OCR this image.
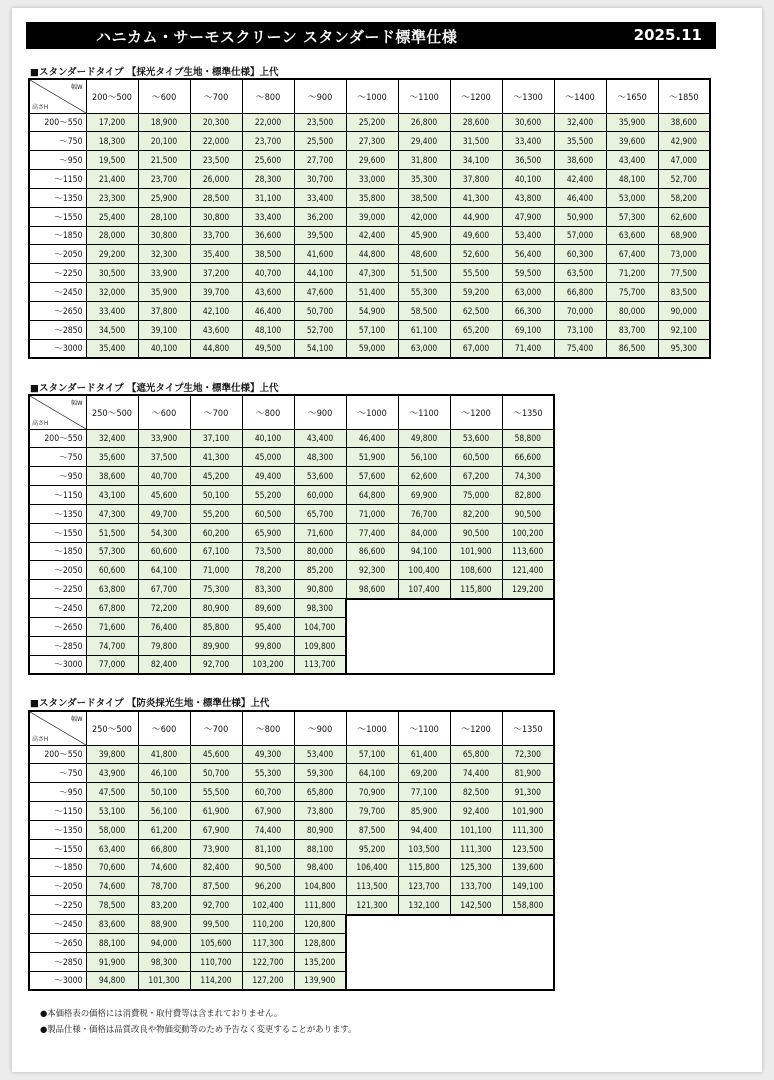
ハニカム・サーモスクリーン スタンダード標準仕様	2025.11
■スタンダードタイプ 【採光タイプ生地・標準仕様】上代
幅W
高さH	200～500	～600	～700	～800	～900	～1000	～1100	～1200	～1300	～1400	～1650	～1850
200～550	17,200	18,900	20,300	22,000	23,500	25,200	26,800	28,600	30,600	32,400	35,900	38,600
～750	18,300	20,100	22,000	23,700	25,500	27,300	29,400	31,500	33,400	35,500	39,600	42,900
～950	19,500	21,500	23,500	25,600	27,700	29,600	31,800	34,100	36,500	38,600	43,400	47,000
～1150	21,400	23,700	26,000	28,300	30,700	33,000	35,300	37,800	40,100	42,400	48,100	52,700
～1350	23,300	25,900	28,500	31,100	33,400	35,800	38,500	41,300	43,800	46,400	53,000	58,200
～1550	25,400	28,100	30,800	33,400	36,200	39,000	42,000	44,900	47,900	50,900	57,300	62,600
～1850	28,000	30,800	33,700	36,600	39,500	42,400	45,900	49,600	53,400	57,000	63,600	68,900
～2050	29,200	32,300	35,400	38,500	41,600	44,800	48,600	52,600	56,400	60,300	67,400	73,000
～2250	30,500	33,900	37,200	40,700	44,100	47,300	51,500	55,500	59,500	63,500	71,200	77,500
～2450	32,000	35,900	39,700	43,600	47,600	51,400	55,300	59,200	63,000	66,800	75,700	83,500
～2650	33,400	37,800	42,100	46,400	50,700	54,900	58,500	62,500	66,300	70,000	80,000	90,000
～2850	34,500	39,100	43,600	48,100	52,700	57,100	61,100	65,200	69,100	73,100	83,700	92,100
～3000	35,400	40,100	44,800	49,500	54,100	59,000	63,000	67,000	71,400	75,400	86,500	95,300
■スタンダードタイプ 【遮光タイプ生地・標準仕様】上代
幅W
高さH	250～500	～600	～700	～800	～900	～1000	～1100	～1200	～1350
200～550	32,400	33,900	37,100	40,100	43,400	46,400	49,800	53,600	58,800
～750	35,600	37,500	41,300	45,000	48,300	51,900	56,100	60,500	66,600
～950	38,600	40,700	45,200	49,400	53,600	57,600	62,600	67,200	74,300
～1150	43,100	45,600	50,100	55,200	60,000	64,800	69,900	75,000	82,800
～1350	47,300	49,700	55,200	60,500	65,700	71,000	76,700	82,200	90,500
～1550	51,500	54,300	60,200	65,900	71,600	77,400	84,000	90,500	100,200
～1850	57,300	60,600	67,100	73,500	80,000	86,600	94,100	101,900	113,600
～2050	60,600	64,100	71,000	78,200	85,200	92,300	100,400	108,600	121,400
～2250	63,800	67,700	75,300	83,300	90,800	98,600	107,400	115,800	129,200
～2450	67,800	72,200	80,900	89,600	98,300				
～2650	71,600	76,400	85,800	95,400	104,700				
～2850	74,700	79,800	89,900	99,800	109,800				
～3000	77,000	82,400	92,700	103,200	113,700				
■スタンダードタイプ 【防炎採光生地・標準仕様】上代
幅W
高さH	250～500	～600	～700	～800	～900	～1000	～1100	～1200	～1350
200～550	39,800	41,800	45,600	49,300	53,400	57,100	61,400	65,800	72,300
～750	43,900	46,100	50,700	55,300	59,300	64,100	69,200	74,400	81,900
～950	47,500	50,100	55,500	60,700	65,800	70,900	77,100	82,500	91,300
～1150	53,100	56,100	61,900	67,900	73,800	79,700	85,900	92,400	101,900
～1350	58,000	61,200	67,900	74,400	80,900	87,500	94,400	101,100	111,300
～1550	63,400	66,800	73,900	81,100	88,100	95,200	103,500	111,300	123,500
～1850	70,600	74,600	82,400	90,500	98,400	106,400	115,800	125,300	139,600
～2050	74,600	78,700	87,500	96,200	104,800	113,500	123,700	133,700	149,100
～2250	78,500	83,200	92,700	102,400	111,800	121,300	132,100	142,500	158,800
～2450	83,600	88,900	99,500	110,200	120,800				
～2650	88,100	94,000	105,600	117,300	128,800				
～2850	91,900	98,300	110,700	122,700	135,200				
～3000	94,800	101,300	114,200	127,200	139,900				
●本価格表の価格には消費税・取付費等は含まれておりません。
●製品仕様・価格は品質改良や物価変動等のため予告なく変更することがあります。
